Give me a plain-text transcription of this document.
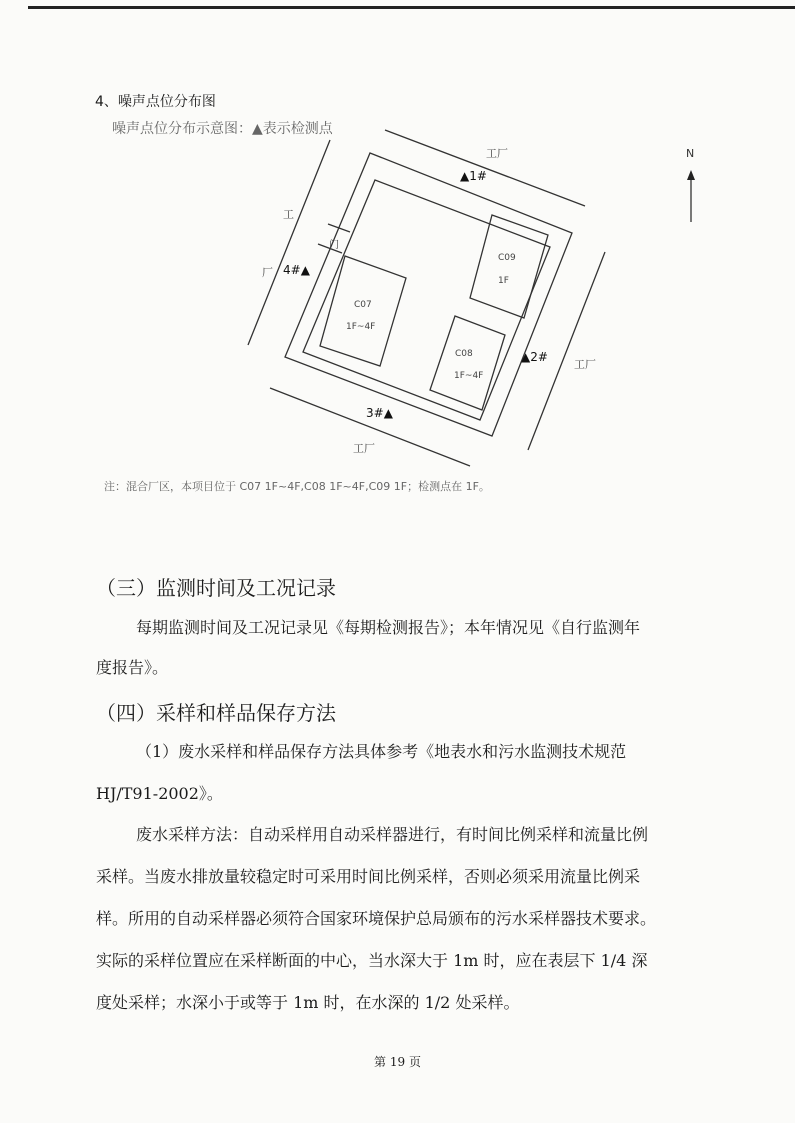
4、噪声点位分布图
噪声点位分布示意图：▲表示检测点
N
工厂
工
厂
工厂
工厂
门
▲1#
▲2#
3#▲
4#▲
C07
1F~4F
C08
1F~4F
C09
1F
注：混合厂区，本项目位于 C07 1F~4F,C08 1F~4F,C09 1F；检测点在 1F。
（三）监测时间及工况记录
每期监测时间及工况记录见《每期检测报告》；本年情况见《自行监测年
度报告》。
（四）采样和样品保存方法
（1）废水采样和样品保存方法具体参考《地表水和污水监测技术规范
HJ/T91-2002》。
废水采样方法：自动采样用自动采样器进行，有时间比例采样和流量比例
采样。当废水排放量较稳定时可采用时间比例采样，否则必须采用流量比例采
样。所用的自动采样器必须符合国家环境保护总局颁布的污水采样器技术要求。
实际的采样位置应在采样断面的中心，当水深大于 1m 时，应在表层下 1/4 深
度处采样；水深小于或等于 1m 时，在水深的 1/2 处采样。
第 19 页
